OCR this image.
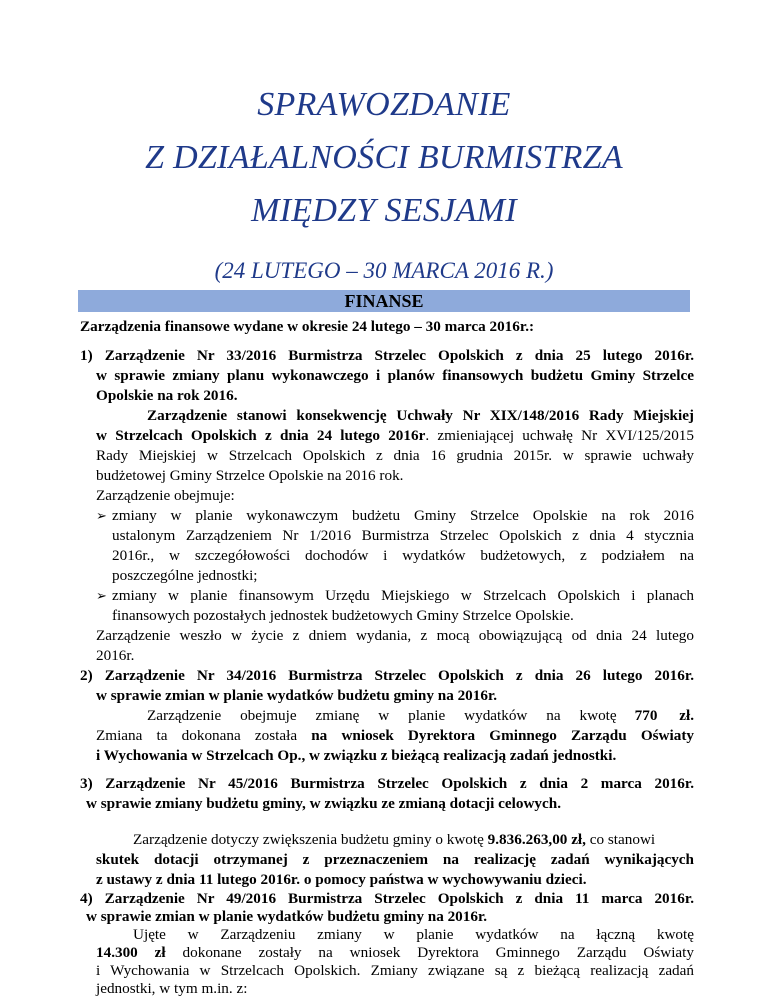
SPRAWOZDANIE
Z DZIAŁALNOŚCI BURMISTRZA
MIĘDZY SESJAMI
(24 LUTEGO – 30 MARCA 2016 R.)
FINANSE
Zarządzenia finansowe wydane w okresie 24 lutego – 30 marca 2016r.:
1) Zarządzenie Nr 33/2016 Burmistrza Strzelec Opolskich z dnia 25 lutego 2016r.
w sprawie zmiany planu wykonawczego i planów finansowych budżetu Gminy Strzelce
Opolskie na rok 2016.
Zarządzenie stanowi konsekwencję Uchwały Nr XIX/148/2016 Rady Miejskiej
w Strzelcach Opolskich z dnia 24 lutego 2016r. zmieniającej uchwałę Nr XVI/125/2015
Rady Miejskiej w Strzelcach Opolskich z dnia 16 grudnia 2015r. w sprawie uchwały
budżetowej Gminy Strzelce Opolskie na 2016 rok.
Zarządzenie obejmuje:
➢ zmiany w planie wykonawczym budżetu Gminy Strzelce Opolskie na rok 2016
ustalonym Zarządzeniem Nr 1/2016 Burmistrza Strzelec Opolskich z dnia 4 stycznia
2016r., w szczegółowości dochodów i wydatków budżetowych, z podziałem na
poszczególne jednostki;
➢ zmiany w planie finansowym Urzędu Miejskiego w Strzelcach Opolskich i planach
finansowych pozostałych jednostek budżetowych Gminy Strzelce Opolskie.
Zarządzenie weszło w życie z dniem wydania, z mocą obowiązującą od dnia 24 lutego
2016r.
2) Zarządzenie Nr 34/2016 Burmistrza Strzelec Opolskich z dnia 26 lutego 2016r.
w sprawie zmian w planie wydatków budżetu gminy na 2016r.
Zarządzenie obejmuje zmianę w planie wydatków na kwotę 770 zł.
Zmiana ta dokonana została na wniosek Dyrektora Gminnego Zarządu Oświaty
i Wychowania w Strzelcach Op., w związku z bieżącą realizacją zadań jednostki.
3) Zarządzenie Nr 45/2016 Burmistrza Strzelec Opolskich z dnia 2 marca 2016r.
w sprawie zmiany budżetu gminy, w związku ze zmianą dotacji celowych.
Zarządzenie dotyczy zwiększenia budżetu gminy o kwotę 9.836.263,00 zł, co stanowi
skutek dotacji otrzymanej z przeznaczeniem na realizację zadań wynikających
z ustawy z dnia 11 lutego 2016r. o pomocy państwa w wychowywaniu dzieci.
4) Zarządzenie Nr 49/2016 Burmistrza Strzelec Opolskich z dnia 11 marca 2016r.
w sprawie zmian w planie wydatków budżetu gminy na 2016r.
Ujęte w Zarządzeniu zmiany w planie wydatków na łączną kwotę
14.300 zł dokonane zostały na wniosek Dyrektora Gminnego Zarządu Oświaty
i Wychowania w Strzelcach Opolskich. Zmiany związane są z bieżącą realizacją zadań
jednostki, w tym m.in. z:
